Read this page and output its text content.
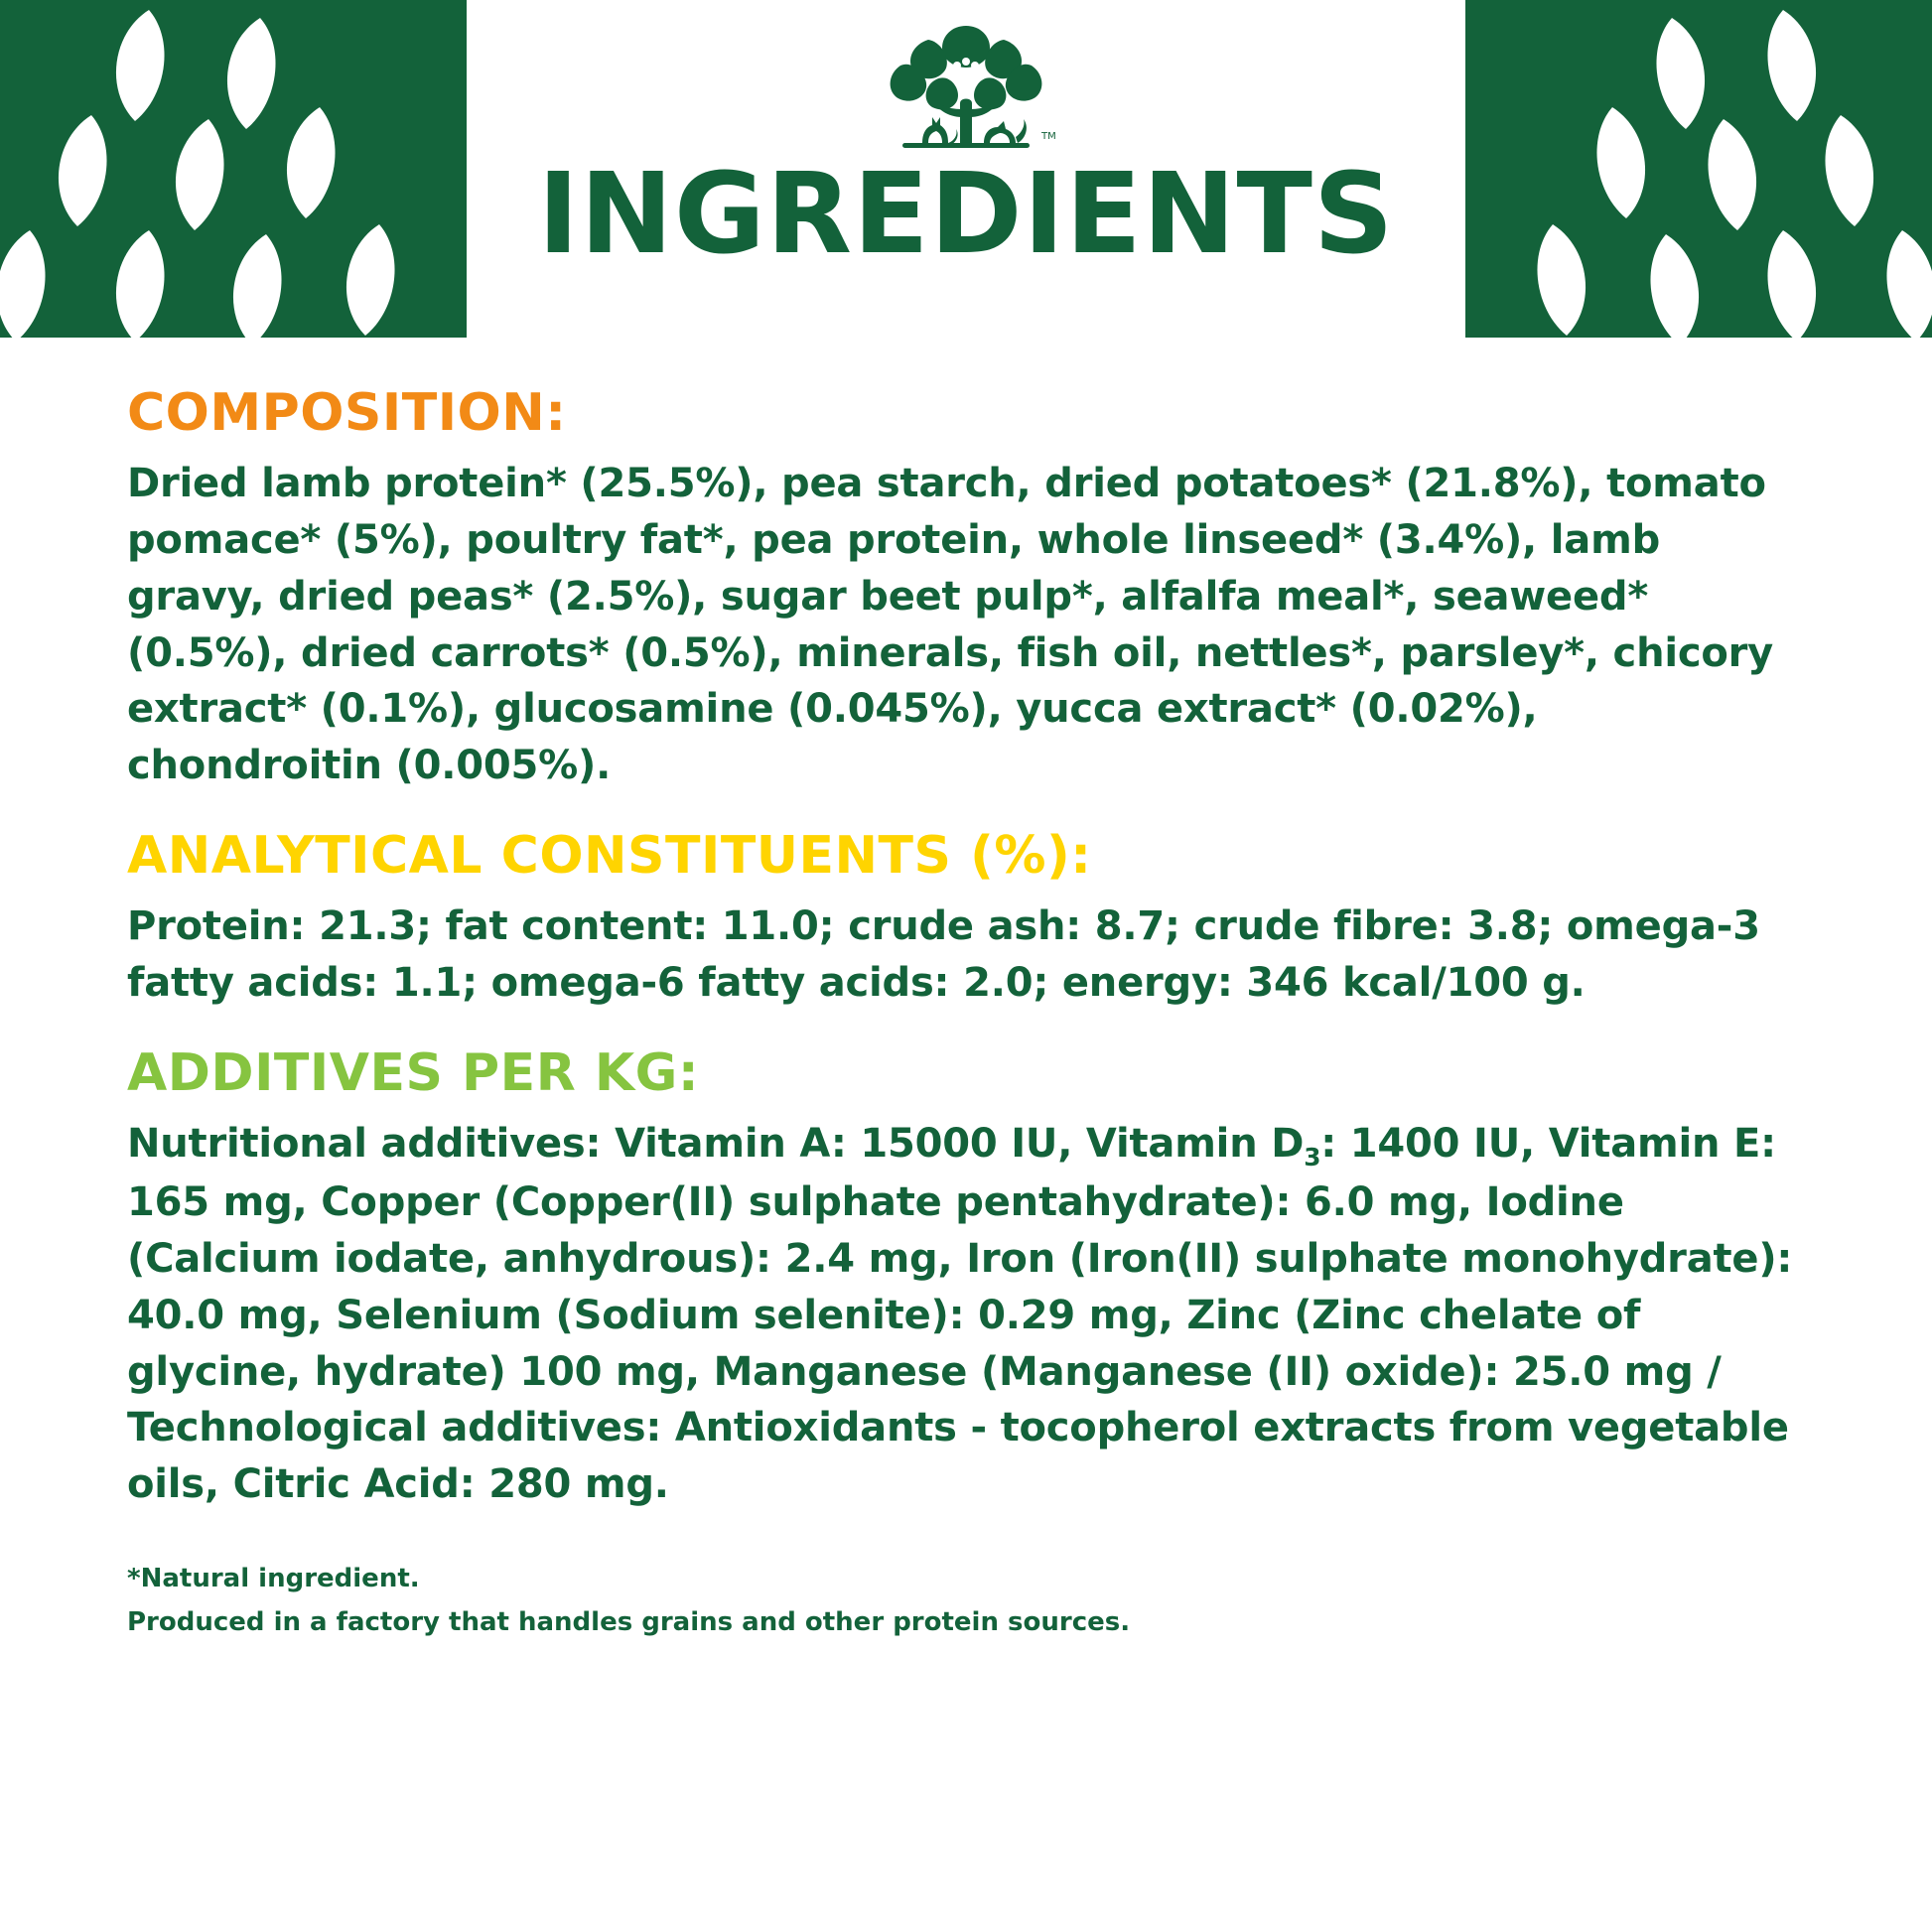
TM
INGREDIENTS
COMPOSITION:

Dried lamb protein* (25.5%), pea starch, dried potatoes* (21.8%), tomato pomace* (5%), poultry fat*, pea protein, whole linseed* (3.4%), lamb gravy, dried peas* (2.5%), sugar beet pulp*, alfalfa meal*, seaweed* (0.5%), dried carrots* (0.5%), minerals, fish oil, nettles*, parsley*, chicory extract* (0.1%), glucosamine (0.045%), yucca extract* (0.02%), chondroitin (0.005%).

ANALYTICAL CONSTITUENTS (%):

Protein: 21.3; fat content: 11.0; crude ash: 8.7; crude fibre: 3.8; omega-3 fatty acids: 1.1; omega-6 fatty acids: 2.0; energy: 346 kcal/100 g.

ADDITIVES PER KG:

Nutritional additives: Vitamin A: 15000 IU, Vitamin $D_3$: 1400 IU, Vitamin E: 165 mg, Copper (Copper(II) sulphate pentahydrate): 6.0 mg, Iodine (Calcium iodate, anhydrous): 2.4 mg, Iron (Iron(II) sulphate monohydrate): 40.0 mg, Selenium (Sodium selenite): 0.29 mg, Zinc (Zinc chelate of glycine, hydrate) 100 mg, Manganese (Manganese (II) oxide): 25.0 mg / Technological additives: Antioxidants - tocopherol extracts from vegetable oils, Citric Acid: 280 mg.

*Natural ingredient.
Produced in a factory that handles grains and other protein sources.
